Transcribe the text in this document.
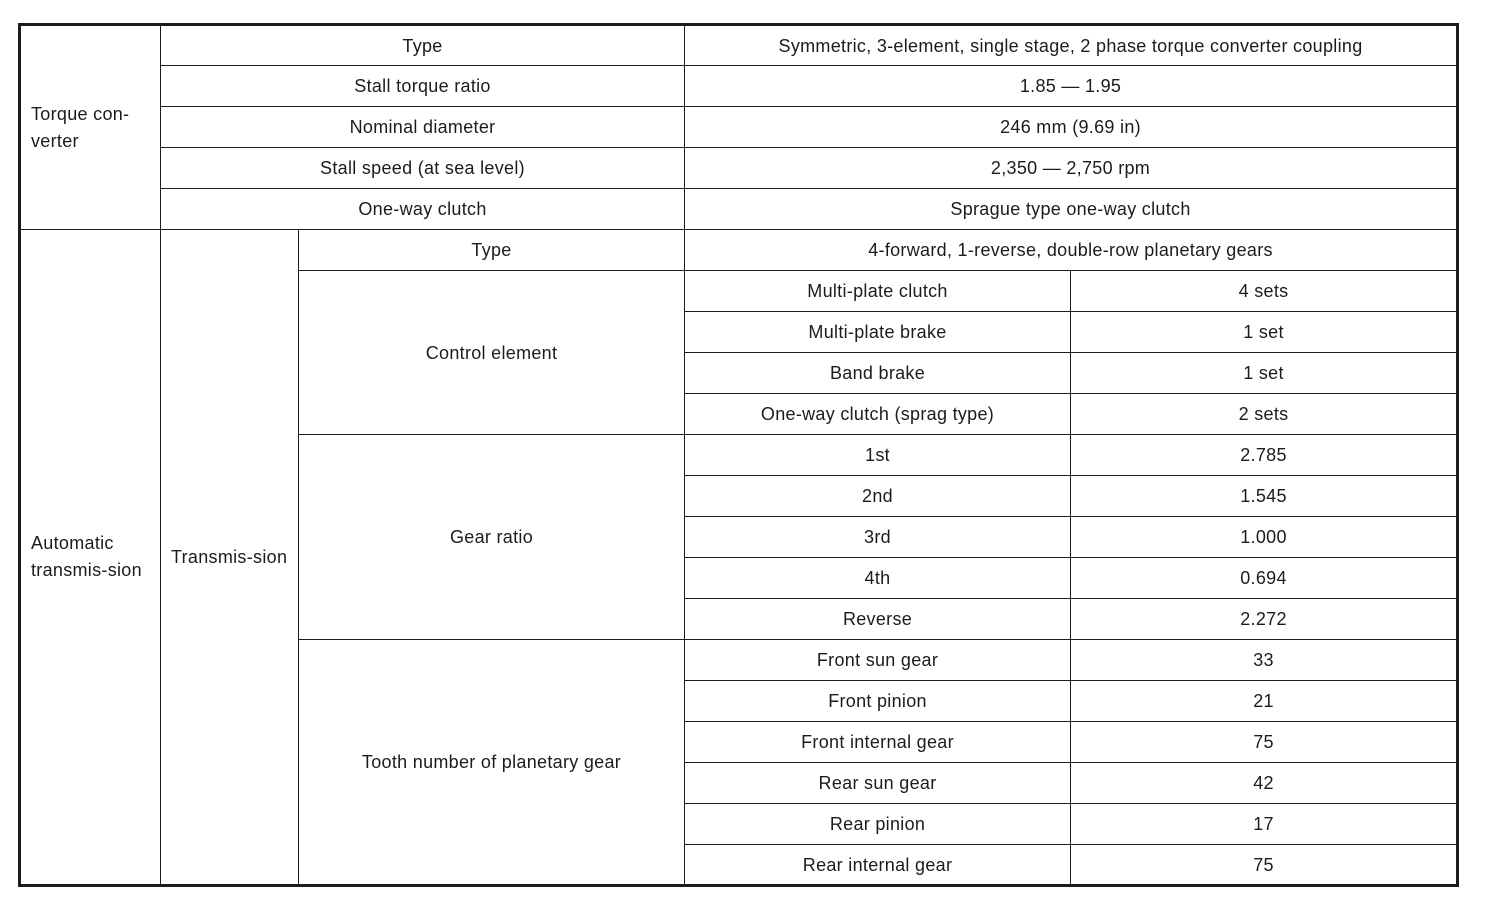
Torque con-verter	Type		Symmetric, 3-element, single stage, 2 phase torque converter coupling	
	Stall torque ratio		1.85 — 1.95	
	Nominal diameter		246 mm (9.69 in)	
	Stall speed (at sea level)		2,350 — 2,750 rpm	
	One-way clutch		Sprague type one-way clutch	
Automatic transmis-sion	Transmis-sion	Type	4-forward, 1-reverse, double-row planetary gears	
		Control element	Multi-plate clutch	4 sets
			Multi-plate brake	1 set
			Band brake	1 set
			One-way clutch (sprag type)	2 sets
		Gear ratio	1st	2.785
			2nd	1.545
			3rd	1.000
			4th	0.694
			Reverse	2.272
		Tooth number of planetary gear	Front sun gear	33
			Front pinion	21
			Front internal gear	75
			Rear sun gear	42
			Rear pinion	17
			Rear internal gear	75
